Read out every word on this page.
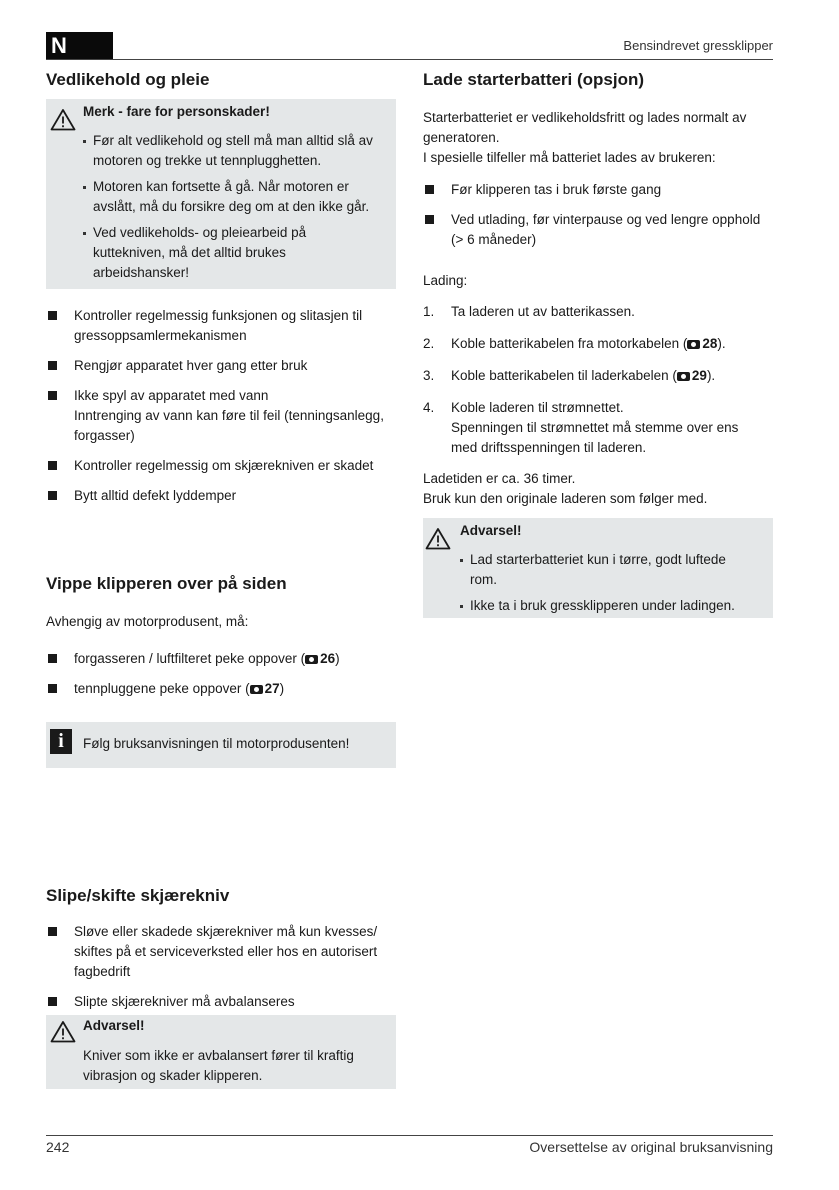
N	Bensindrevet gressklipper
Vedlikehold og pleie
Merk - fare for personskader!
Før alt vedlikehold og stell må man alltid slå av motoren og trekke ut tennplugghetten.
Motoren kan fortsette å gå. Når motoren er avslått, må du forsikre deg om at den ikke går.
Ved vedlikeholds- og pleiearbeid på kuttekniven, må det alltid brukes arbeidshansker!
Kontroller regelmessig funksjonen og slitasjen til gressoppsamlermekanismen
Rengjør apparatet hver gang etter bruk
Ikke spyl av apparatet med vann
Inntrenging av vann kan føre til feil (tenningsanlegg, forgasser)
Kontroller regelmessig om skjærekniven er skadet
Bytt alltid defekt lyddemper
Vippe klipperen over på siden

Avhengig av motorprodusent, må:

forgasseren / luftfilteret peke oppover ( 26)
tennpluggene peke oppover ( 27)
i	Følg bruksanvisningen til motorprodusenten!
Slipe/skifte skjærekniv
Sløve eller skadede skjærekniver må kun kvesses/ skiftes på et serviceverksted eller hos en autorisert fagbedrift
Slipte skjærekniver må avbalanseres
Advarsel!

Kniver som ikke er avbalansert fører til kraftig vibrasjon og skader klipperen.

Lade starterbatteri (opsjon)

Starterbatteriet er vedlikeholdsfritt og lades normalt av generatoren.

I spesielle tilfeller må batteriet lades av brukeren:

Før klipperen tas i bruk første gang
Ved utlading, før vinterpause og ved lengre opphold (> 6 måneder)

Lading:

1. Ta laderen ut av batterikassen.
2. Koble batterikabelen fra motorkabelen ( 28).
3. Koble batterikabelen til laderkabelen ( 29).
4. Koble laderen til strømnettet.
Spenningen til strømnettet må stemme over ens med driftsspenningen til laderen.

Ladetiden er ca. 36 timer.

Bruk kun den originale laderen som følger med.

Advarsel!
Lad starterbatteriet kun i tørre, godt luftede rom.
Ikke ta i bruk gressklipperen under ladingen.
242	Oversettelse av original bruksanvisning
